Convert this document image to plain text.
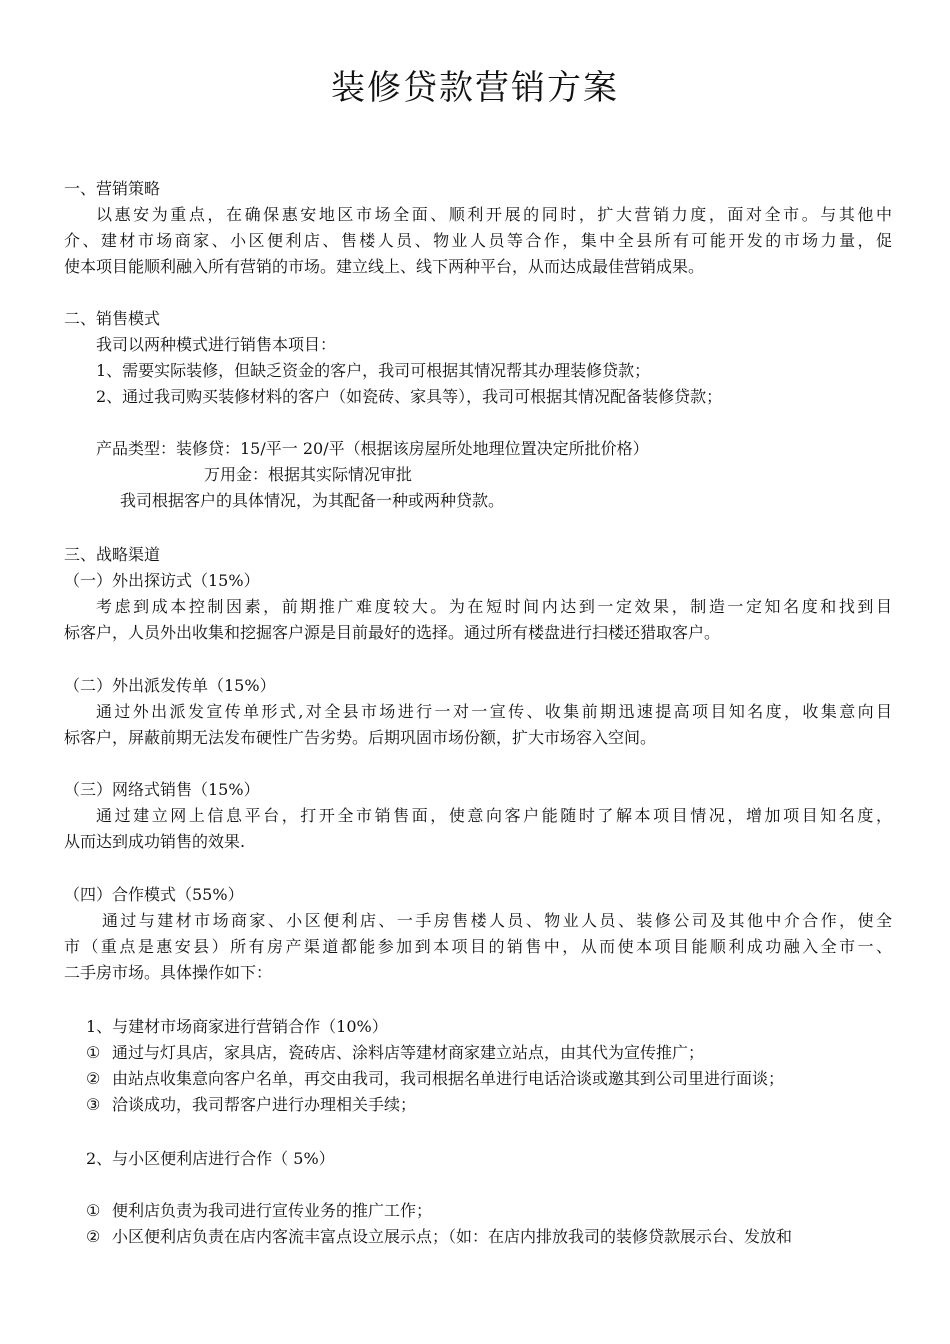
装修贷款营销方案
一、营销策略
以惠安为重点，在确保惠安地区市场全面、顺利开展的同时，扩大营销力度，面对全市。与其他中
介、建材市场商家、小区便利店、售楼人员、物业人员等合作，集中全县所有可能开发的市场力量，促
使本项目能顺利融入所有营销的市场。建立线上、线下两种平台，从而达成最佳营销成果。
二、销售模式
我司以两种模式进行销售本项目：
1、需要实际装修，但缺乏资金的客户，我司可根据其情况帮其办理装修贷款；
2、通过我司购买装修材料的客户（如瓷砖、家具等），我司可根据其情况配备装修贷款；
产品类型：装修贷：15/平一 20/平（根据该房屋所处地理位置决定所批价格）
万用金：根据其实际情况审批
我司根据客户的具体情况，为其配备一种或两种贷款。
三、战略渠道
（一）外出探访式（15%）
考虑到成本控制因素，前期推广难度较大。为在短时间内达到一定效果，制造一定知名度和找到目
标客户，人员外出收集和挖掘客户源是目前最好的选择。通过所有楼盘进行扫楼还猎取客户。
（二）外出派发传单（15%）
通过外出派发宣传单形式,对全县市场进行一对一宣传、收集前期迅速提高项目知名度，收集意向目
标客户，屏蔽前期无法发布硬性广告劣势。后期巩固市场份额，扩大市场容入空间。
（三）网络式销售（15%）
通过建立网上信息平台，打开全市销售面，使意向客户能随时了解本项目情况，增加项目知名度，
从而达到成功销售的效果.
（四）合作模式（55%）
通过与建材市场商家、小区便利店、一手房售楼人员、物业人员、装修公司及其他中介合作，使全
市（重点是惠安县）所有房产渠道都能参加到本项目的销售中，从而使本项目能顺利成功融入全市一、
二手房市场。具体操作如下：
1、与建材市场商家进行营销合作（10%）
① 通过与灯具店，家具店，瓷砖店、涂料店等建材商家建立站点，由其代为宣传推广；
② 由站点收集意向客户名单，再交由我司，我司根据名单进行电话洽谈或邀其到公司里进行面谈；
③ 洽谈成功，我司帮客户进行办理相关手续；
2、与小区便利店进行合作（ 5%）
① 便利店负责为我司进行宣传业务的推广工作；
② 小区便利店负责在店内客流丰富点设立展示点；（如：在店内排放我司的装修贷款展示台、发放和
